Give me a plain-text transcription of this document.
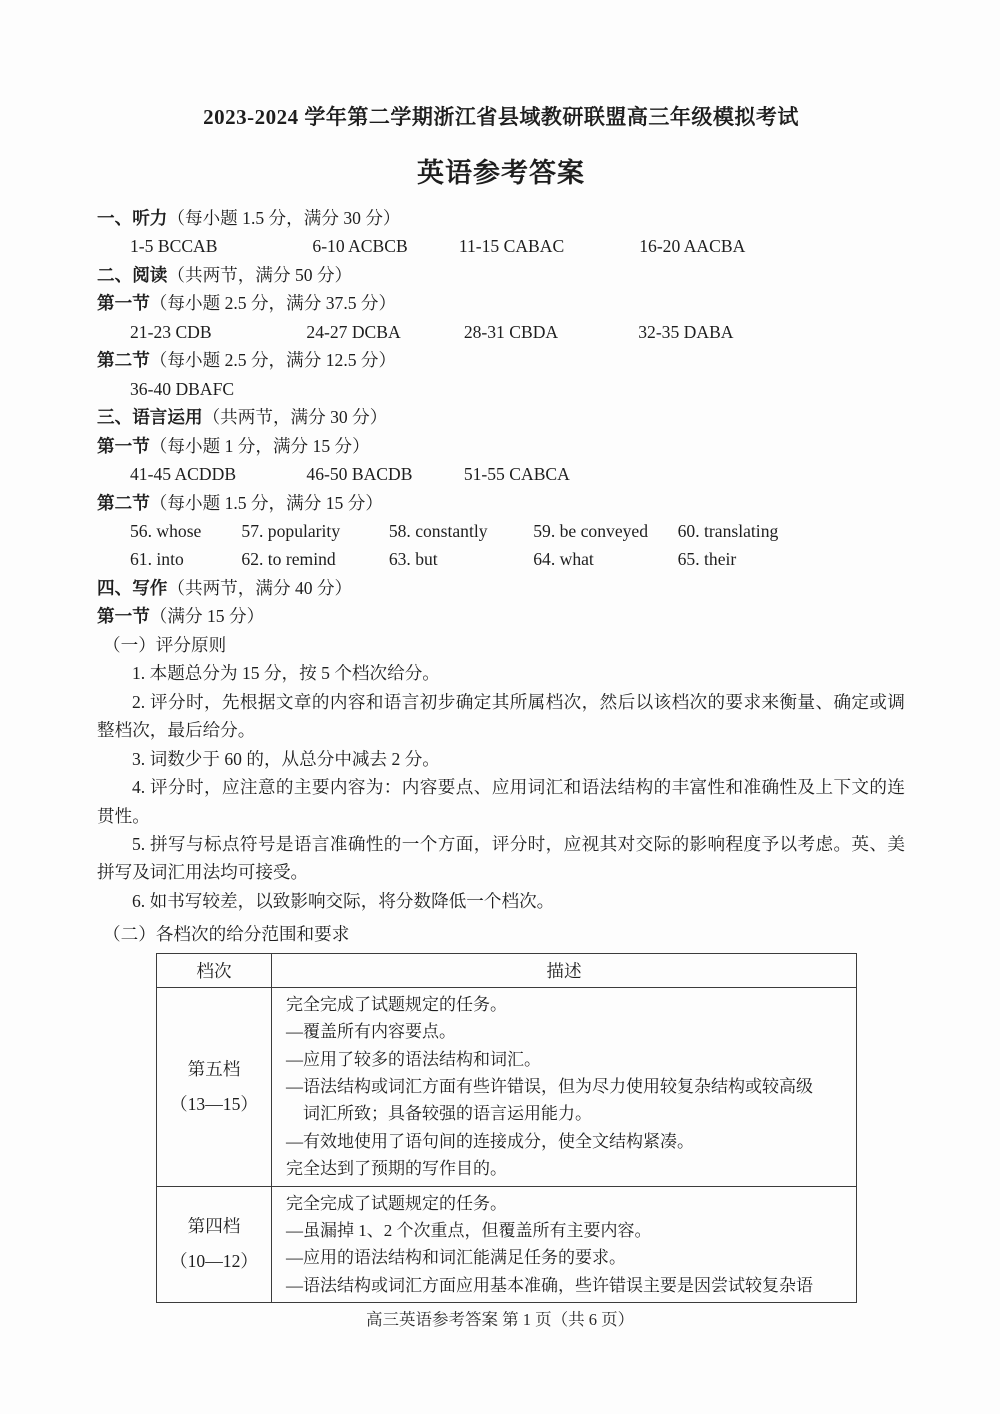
2023-2024 学年第二学期浙江省县域教研联盟高三年级模拟考试
英语参考答案
一、听力（每小题 1.5 分，满分 30 分）
1-5 BCCAB	6-10 ACBCB	11-15 CABAC	16-20 AACBA
二、阅读（共两节，满分 50 分）
第一节（每小题 2.5 分，满分 37.5 分）
21-23 CDB	24-27 DCBA	28-31 CBDA	32-35 DABA
第二节（每小题 2.5 分，满分 12.5 分）
36-40 DBAFC
三、语言运用（共两节，满分 30 分）
第一节（每小题 1 分，满分 15 分）
41-45 ACDDB	46-50 BACDB	51-55 CABCA
第二节（每小题 1.5 分，满分 15 分）
56. whose 57. popularity	58. constantly	59. be conveyed 60. translating
61. into	62. to remind	63. but	64. what	65. their
四、写作（共两节，满分 40 分）
第一节（满分 15 分）
（一）评分原则

1. 本题总分为 15 分，按 5 个档次给分。

2. 评分时，先根据文章的内容和语言初步确定其所属档次，然后以该档次的要求来衡量、确定或调整档次，最后给分。

3. 词数少于 60 的，从总分中减去 2 分。

4. 评分时，应注意的主要内容为：内容要点、应用词汇和语法结构的丰富性和准确性及上下文的连贯性。

5. 拼写与标点符号是语言准确性的一个方面，评分时，应视其对交际的影响程度予以考虑。英、美拼写及词汇用法均可接受。

6. 如书写较差，以致影响交际，将分数降低一个档次。

（二）各档次的给分范围和要求
档次	描述

第五档
（13—15）

完全完成了试题规定的任务。
—覆盖所有内容要点。
—应用了较多的语法结构和词汇。
—语法结构或词汇方面有些许错误，但为尽力使用较复杂结构或较高级
　词汇所致；具备较强的语言运用能力。
—有效地使用了语句间的连接成分，使全文结构紧凑。
完全达到了预期的写作目的。

第四档
（10—12）

完全完成了试题规定的任务。
—虽漏掉 1、2 个次重点，但覆盖所有主要内容。
—应用的语法结构和词汇能满足任务的要求。
—语法结构或词汇方面应用基本准确，些许错误主要是因尝试较复杂语
高三英语参考答案 第 1 页（共 6 页）
